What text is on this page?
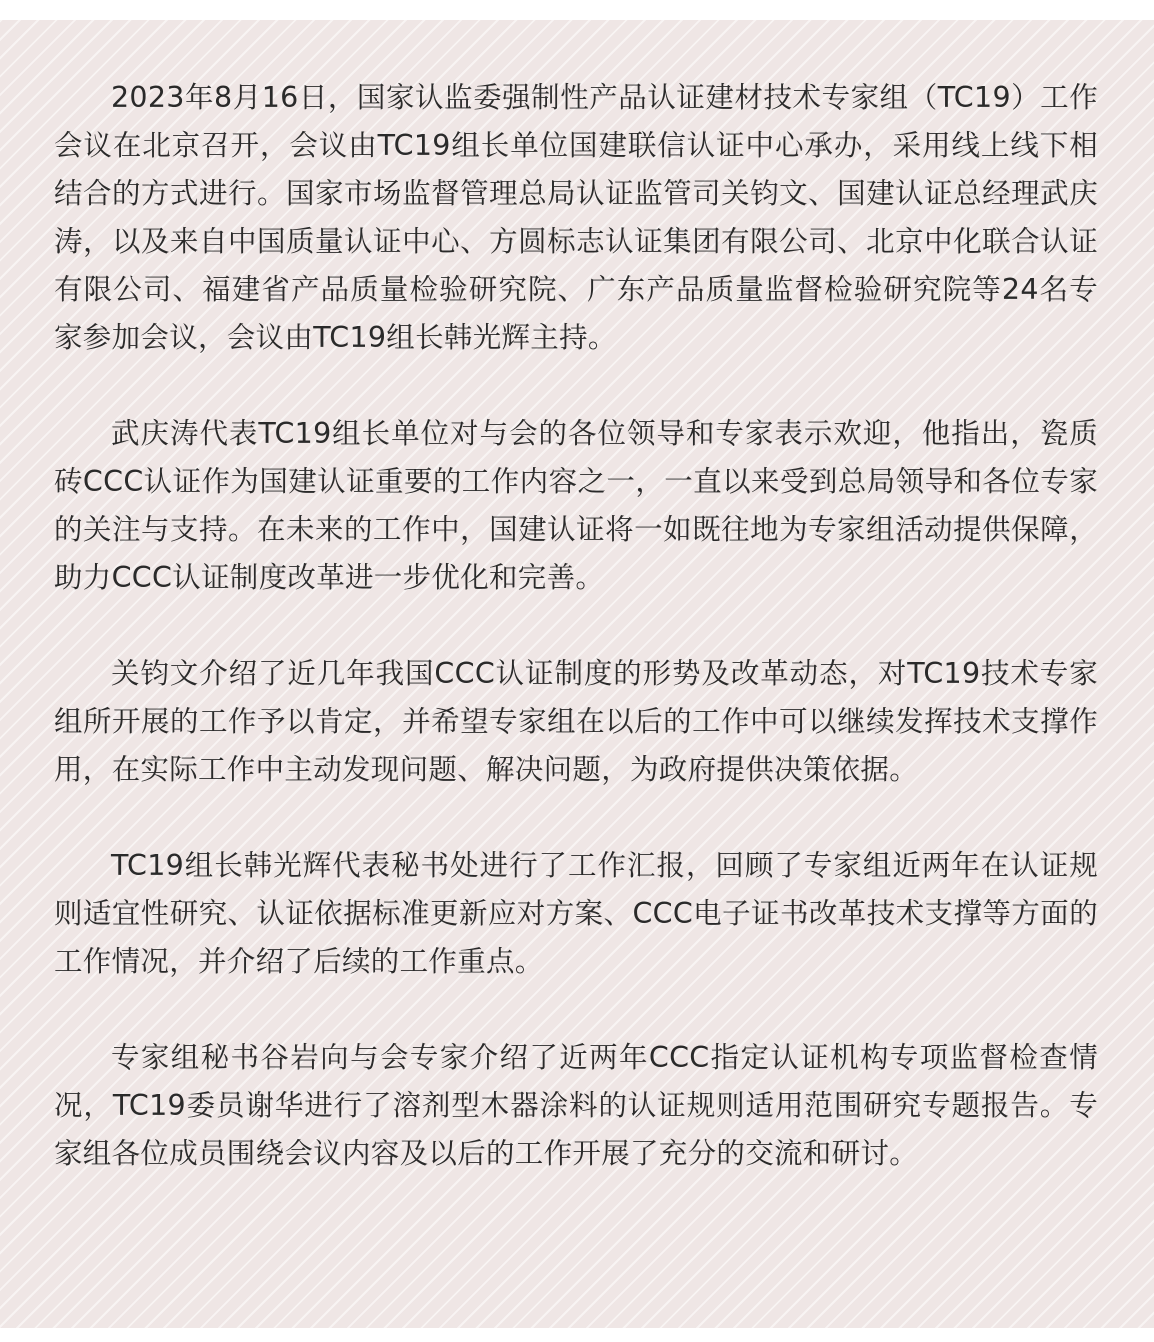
2023年8月16日，国家认监委强制性产品认证建材技术专家组（TC19）工作会议在北京召开，会议由TC19组长单位国建联信认证中心承办，采用线上线下相结合的方式进行。国家市场监督管理总局认证监管司关钧文、国建认证总经理武庆涛，以及来自中国质量认证中心、方圆标志认证集团有限公司、北京中化联合认证有限公司、福建省产品质量检验研究院、广东产品质量监督检验研究院等24名专家参加会议，会议由TC19组长韩光辉主持。

武庆涛代表TC19组长单位对与会的各位领导和专家表示欢迎，他指出，瓷质砖CCC认证作为国建认证重要的工作内容之一，一直以来受到总局领导和各位专家的关注与支持。在未来的工作中，国建认证将一如既往地为专家组活动提供保障，助力CCC认证制度改革进一步优化和完善。

关钧文介绍了近几年我国CCC认证制度的形势及改革动态，对TC19技术专家组所开展的工作予以肯定，并希望专家组在以后的工作中可以继续发挥技术支撑作用，在实际工作中主动发现问题、解决问题，为政府提供决策依据。

TC19组长韩光辉代表秘书处进行了工作汇报，回顾了专家组近两年在认证规则适宜性研究、认证依据标准更新应对方案、CCC电子证书改革技术支撑等方面的工作情况，并介绍了后续的工作重点。

专家组秘书谷岩向与会专家介绍了近两年CCC指定认证机构专项监督检查情况，TC19委员谢华进行了溶剂型木器涂料的认证规则适用范围研究专题报告。专家组各位成员围绕会议内容及以后的工作开展了充分的交流和研讨。
